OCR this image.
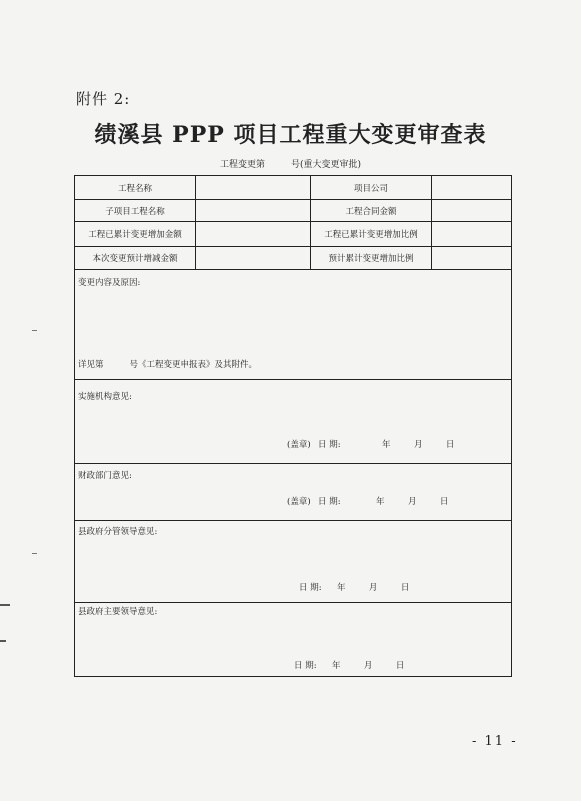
附件 2:
绩溪县 PPP 项目工程重大变更审查表
工程变更第	号(重大变更审批)
工程名称	项目公司
子项目工程名称	工程合同金额
工程已累计变更增加金额	工程已累计变更增加比例
本次变更预计增减金额	预计累计变更增加比例
变更内容及原因:
详见第	号《工程变更申报表》及其附件。
实施机构意见:
(盖章) 日 期:	年	月	日
财政部门意见:
(盖章) 日 期:	年	月	日
县政府分管领导意见:
日 期: 年	月	日
县政府主要领导意见:
日 期: 年	月	日
- 11 -
